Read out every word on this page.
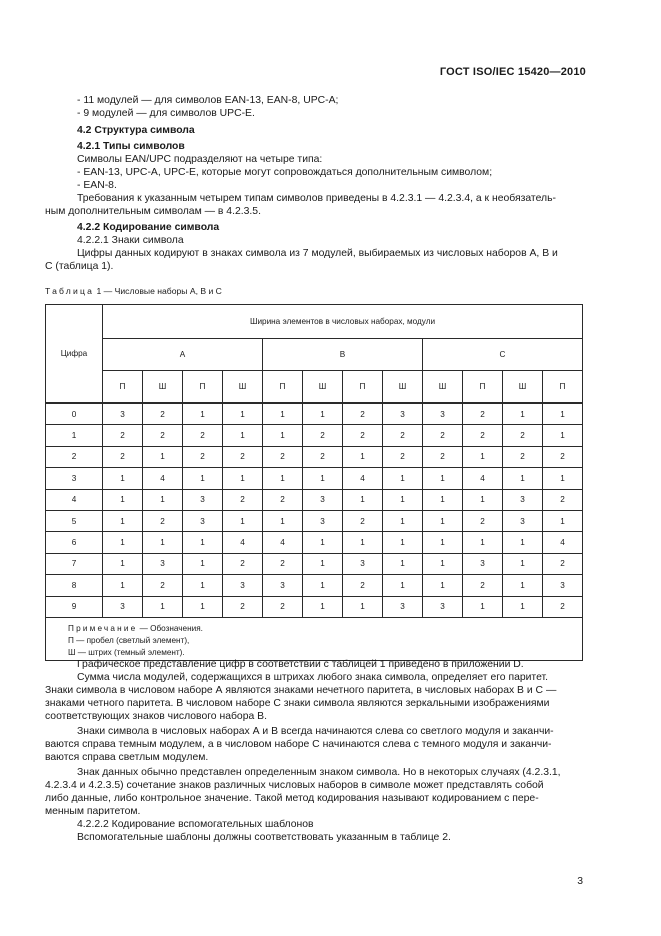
ГОСТ ISO/IEC 15420—2010
- 11 модулей — для символов EAN-13, EAN-8, UPC-A;
- 9 модулей — для символов UPC-E.
4.2 Структура символа
4.2.1 Типы символов
Символы EAN/UPC подразделяют на четыре типа:
- EAN-13, UPC-A, UPC-E, которые могут сопровождаться дополнительным символом;
- EAN-8.
Требования к указанным четырем типам символов приведены в 4.2.3.1 — 4.2.3.4, а к необязатель-
ным дополнительным символам — в 4.2.3.5.
4.2.2 Кодирование символа
4.2.2.1 Знаки символа
Цифры данных кодируют в знаках символа из 7 модулей, выбираемых из числовых наборов А, В и
С (таблица 1).
Таблица 1 — Числовые наборы А, В и С
Цифра	Ширина элементов в числовых наборах, модули											
	А				В				С			
	П	Ш	П	Ш	П	Ш	П	Ш	Ш	П	Ш	П
0	3	2	1	1	1	1	2	3	3	2	1	1
1	2	2	2	1	1	2	2	2	2	2	2	1
2	2	1	2	2	2	2	1	2	2	1	2	2
3	1	4	1	1	1	1	4	1	1	4	1	1
4	1	1	3	2	2	3	1	1	1	1	3	2
5	1	2	3	1	1	3	2	1	1	2	3	1
6	1	1	1	4	4	1	1	1	1	1	1	4
7	1	3	1	2	2	1	3	1	1	3	1	2
8	1	2	1	3	3	1	2	1	1	2	1	3
9	3	1	1	2	2	1	1	3	3	1	1	2

Примечание — Обозначения.
П — пробел (светлый элемент),
Ш — штрих (темный элемент).												
Графическое представление цифр в соответствии с таблицей 1 приведено в приложении D.
Сумма числа модулей, содержащихся в штрихах любого знака символа, определяет его паритет.
Знаки символа в числовом наборе А являются знаками нечетного паритета, в числовых наборах В и С —
знаками четного паритета. В числовом наборе С знаки символа являются зеркальными изображениями
соответствующих знаков числового набора В.
Знаки символа в числовых наборах А и В всегда начинаются слева со светлого модуля и заканчи-
ваются справа темным модулем, а в числовом наборе С начинаются слева с темного модуля и заканчи-
ваются справа светлым модулем.
Знак данных обычно представлен определенным знаком символа. Но в некоторых случаях (4.2.3.1,
4.2.3.4 и 4.2.3.5) сочетание знаков различных числовых наборов в символе может представлять собой
либо данные, либо контрольное значение. Такой метод кодирования называют кодированием с пере-
менным паритетом.
4.2.2.2 Кодирование вспомогательных шаблонов
Вспомогательные шаблоны должны соответствовать указанным в таблице 2.
3
